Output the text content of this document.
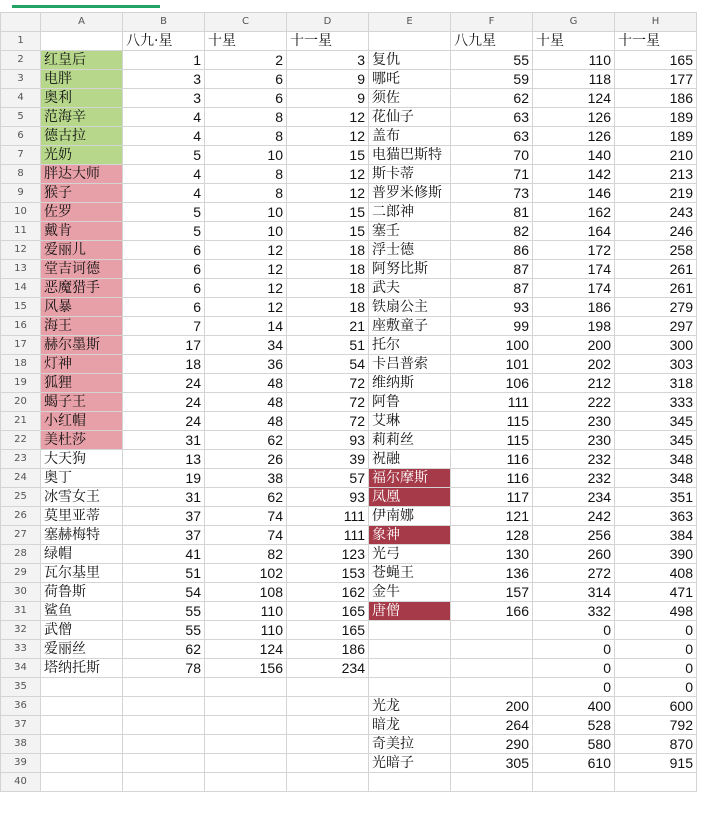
	A	B	C	D	E	F	G	H
1		八九·星	十星	十一星		八九星	十星	十一星
2	红皇后	1	2	3	复仇	55	110	165
3	电胖	3	6	9	哪吒	59	118	177
4	奥利	3	6	9	须佐	62	124	186
5	范海辛	4	8	12	花仙子	63	126	189
6	德古拉	4	8	12	盖布	63	126	189
7	光奶	5	10	15	电猫巴斯特	70	140	210
8	胖达大师	4	8	12	斯卡蒂	71	142	213
9	猴子	4	8	12	普罗米修斯	73	146	219
10	佐罗	5	10	15	二郎神	81	162	243
11	戴肯	5	10	15	塞壬	82	164	246
12	爱丽儿	6	12	18	浮士德	86	172	258
13	堂吉诃德	6	12	18	阿努比斯	87	174	261
14	恶魔猎手	6	12	18	武夫	87	174	261
15	风暴	6	12	18	铁扇公主	93	186	279
16	海王	7	14	21	座敷童子	99	198	297
17	赫尔墨斯	17	34	51	托尔	100	200	300
18	灯神	18	36	54	卡吕普索	101	202	303
19	狐狸	24	48	72	维纳斯	106	212	318
20	蝎子王	24	48	72	阿鲁	111	222	333
21	小红帽	24	48	72	艾琳	115	230	345
22	美杜莎	31	62	93	莉莉丝	115	230	345
23	大天狗	13	26	39	祝融	116	232	348
24	奥丁	19	38	57	福尔摩斯	116	232	348
25	冰雪女王	31	62	93	凤凰	117	234	351
26	莫里亚蒂	37	74	111	伊南娜	121	242	363
27	塞赫梅特	37	74	111	象神	128	256	384
28	绿帽	41	82	123	光弓	130	260	390
29	瓦尔基里	51	102	153	苍蝇王	136	272	408
30	荷鲁斯	54	108	162	金牛	157	314	471
31	鲨鱼	55	110	165	唐僧	166	332	498
32	武僧	55	110	165			0	0
33	爱丽丝	62	124	186			0	0
34	塔纳托斯	78	156	234			0	0
35							0	0
36					光龙	200	400	600
37					暗龙	264	528	792
38					奇美拉	290	580	870
39					光暗子	305	610	915
40								
